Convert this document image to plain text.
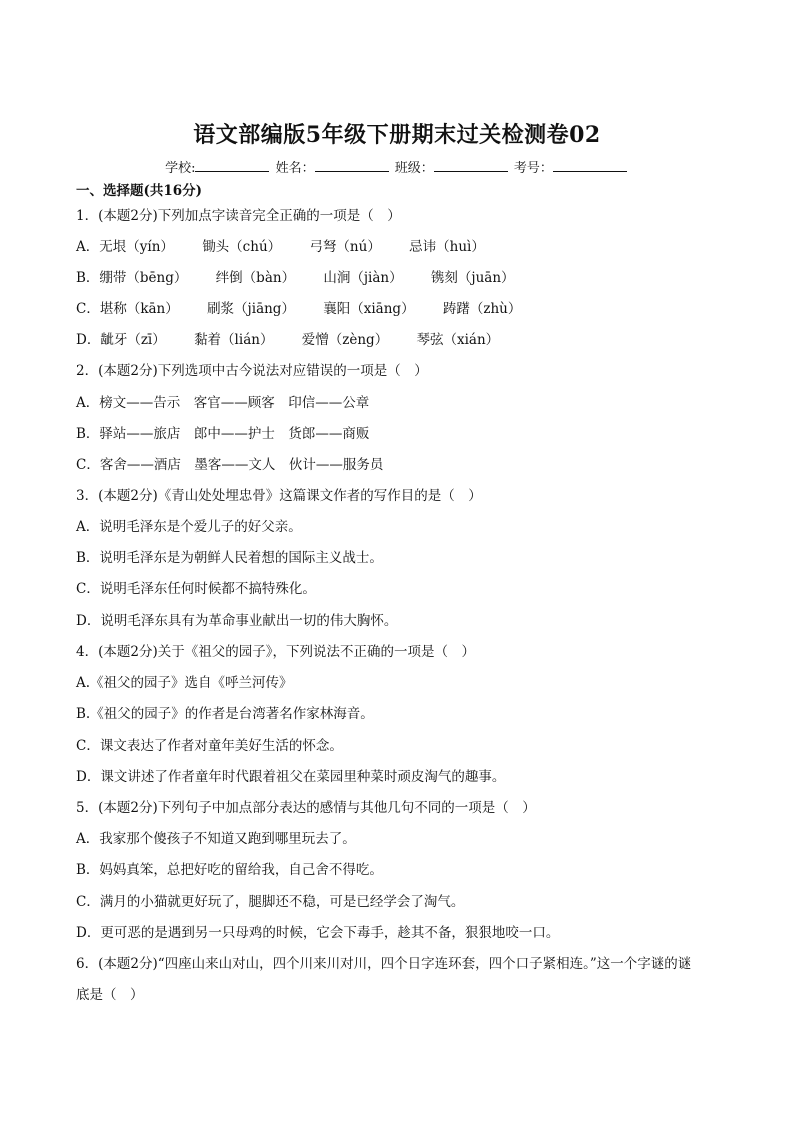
语文部编版5年级下册期末过关检测卷02
学校:	姓名：	班级：	考号：
一、选择题(共16分)
1．(本题2分)下列加点字读音完全正确的一项是（　）
A．无垠（yín） 锄头（chú） 弓弩（nú） 忌讳（huì）
B．绷带（bēng） 绊倒（bàn） 山涧（jiàn） 镌刻（juān）
C．堪称（kān） 刷浆（jiāng） 襄阳（xiāng） 踌躇（zhù）
D．龇牙（zī） 黏着（lián） 爱憎（zèng） 琴弦（xián）
2．(本题2分)下列选项中古今说法对应错误的一项是（　）
A．榜文——告示　客官——顾客　印信——公章
B．驿站——旅店　郎中——护士　货郎——商贩
C．客舍——酒店　墨客——文人　伙计——服务员
3．(本题2分)《青山处处埋忠骨》这篇课文作者的写作目的是（　）
A．说明毛泽东是个爱儿子的好父亲。
B．说明毛泽东是为朝鲜人民着想的国际主义战士。
C．说明毛泽东任何时候都不搞特殊化。
D．说明毛泽东具有为革命事业献出一切的伟大胸怀。
4．(本题2分)关于《祖父的园子》，下列说法不正确的一项是（　）
A.《祖父的园子》选自《呼兰河传》
B.《祖父的园子》的作者是台湾著名作家林海音。
C．课文表达了作者对童年美好生活的怀念。
D．课文讲述了作者童年时代跟着祖父在菜园里种菜时顽皮淘气的趣事。
5．(本题2分)下列句子中加点部分表达的感情与其他几句不同的一项是（　）
A．我家那个傻孩子不知道又跑到哪里玩去了。
B．妈妈真笨，总把好吃的留给我，自己舍不得吃。
C．满月的小猫就更好玩了，腿脚还不稳，可是已经学会了淘气。
D．更可恶的是遇到另一只母鸡的时候，它会下毒手，趁其不备，狠狠地咬一口。
6．(本题2分)“四座山来山对山，四个川来川对川，四个日字连环套，四个口子紧相连。”这一个字谜的谜
底是（　）
